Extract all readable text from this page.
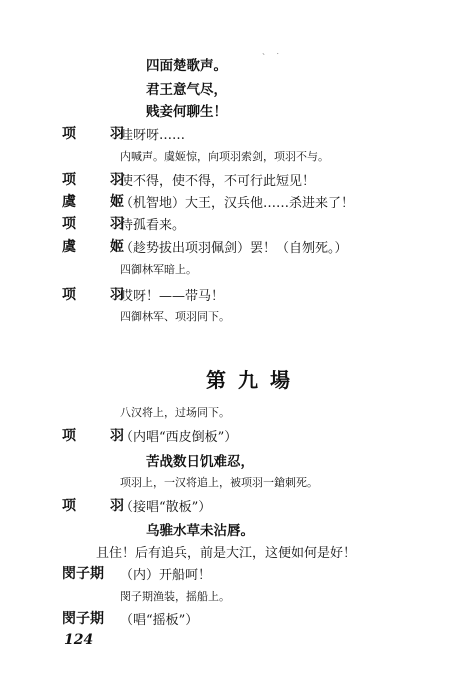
、 ．
四面楚歌声。
君王意气尽，
贱妾何聊生！
项　羽
哇呀呀……
内喊声。虞姬惊，向项羽索剑，项羽不与。
项　羽
使不得，使不得，不可行此短见！
虞　姬
（机智地）大王，汉兵他……杀进来了！
项　羽
待孤看来。
虞　姬
（趁势拔出项羽佩剑）罢！（自刎死。）
四御林军暗上。
项　羽
哎呀！——带马！
四御林军、项羽同下。
第九場
八汉将上，过场同下。
项　羽
（内唱“西皮倒板”）
苦战数日饥难忍，
项羽上，一汉将追上，被项羽一鎗刺死。
项　羽
（接唱“散板”）
乌骓水草未沾唇。
且住！后有追兵，前是大江，这便如何是好！
閔子期 （内）开船呵！
閔子期渔装，摇船上。
閔子期 （唱“摇板”）
124
